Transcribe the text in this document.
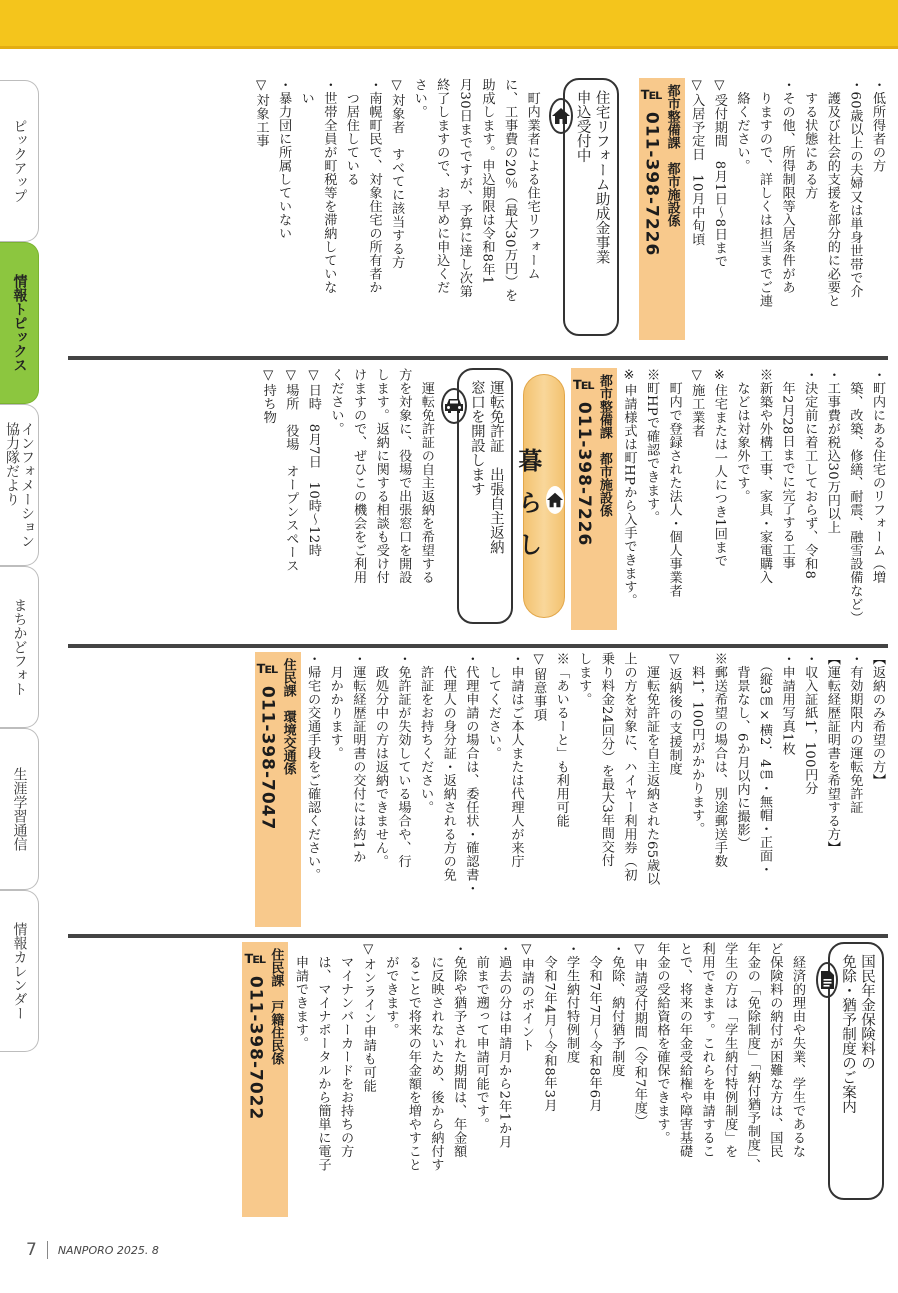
ピックアップ
情報トピックス
インフォメーション
協力隊だより
まちかどフォト
生涯学習通信
情報カレンダー
・低所得者の方
・60歳以上の夫婦又は単身世帯で介
　護及び社会的支援を部分的に必要と
　する状態にある方
・その他、所得制限等入居条件があ
　りますので、詳しくは担当までご連
　絡ください。
▽受付期間　8月1日～8日まで
▽入居予定日　10月中旬頃
都市整備課　都市施設係
℡ 011-398-7226
住宅リフォーム助成金事業
申込受付中
　町内業者による住宅リフォーム
に、工事費の20％（最大30万円）を
助成します。申込期限は令和8年1
月30日までですが、予算に達し次第
終了しますので、お早めに申込くだ
さい。
▽対象者　すべてに該当する方
・南幌町民で、対象住宅の所有者か
　つ居住している
・世帯全員が町税等を滞納していな
　い
・暴力団に所属していない
▽対象工事
・町内にある住宅のリフォーム（増
　築、改築、修繕、耐震、融雪設備など）
・工事費が税込30万円以上
・決定前に着工しておらず、令和8
　年2月28日までに完了する工事
※新築や外構工事、家具・家電購入
　などは対象外です。
※住宅または一人につき1回まで
▽施工業者
　町内で登録された法人・個人事業者
※町HPで確認できます。
※申請様式は町HPから入手できます。
都市整備課　都市施設係
℡ 011-398-7226
暮らし
運転免許証　出張自主返納
窓口を開設します
　運転免許証の自主返納を希望する
方を対象に、役場で出張窓口を開設
します。返納に関する相談も受け付
けますので、ぜひこの機会をご利用
ください。
▽日時　8月7日　10時～12時
▽場所　役場　オープンスペース
▽持ち物
【返納のみ希望の方】
・有効期限内の運転免許証
【運転経歴証明書を希望する方】
・収入証紙1，100円分
・申請用写真1枚
　（縦3㎝×横2．4㎝・無帽・正面・
　背景なし、6か月以内に撮影）
※郵送希望の場合は、別途郵送手数
　料1，100円がかかります。
▽返納後の支援制度
　運転免許証を自主返納された65歳以
上の方を対象に、ハイヤー利用券（初
乗り料金24回分）を最大3年間交付
します。
※「あいるーと」も利用可能
▽留意事項
・申請はご本人または代理人が来庁
　してください。
・代理申請の場合は、委任状・確認書・
　代理人の身分証・返納される方の免
　許証をお持ちください。
・免許証が失効している場合や、行
　政処分中の方は返納できません。
・運転経歴証明書の交付には約1か
　月かかります。
・帰宅の交通手段をご確認ください。
住民課　環境交通係
℡ 011-398-7047
国民年金保険料の
免除・猶予制度のご案内
　経済的理由や失業、学生であるな
ど保険料の納付が困難な方は、国民
年金の「免除制度」「納付猶予制度」、
学生の方は「学生納付特例制度」を
利用できます。これらを申請するこ
とで、将来の年金受給権や障害基礎
年金の受給資格を確保できます。
▽申請受付期間（令和7年度）
・免除、納付猶予制度
　令和7年7月～令和8年6月
・学生納付特例制度
　令和7年4月～令和8年3月
▽申請のポイント
・過去の分は申請月から2年1か月
　前まで遡って申請可能です。
・免除や猶予された期間は、年金額
　に反映されないため、後から納付す
　ることで将来の年金額を増やすこと
　ができます。
▽オンライン申請も可能
　マイナンバーカードをお持ちの方
　は、マイナポータルから簡単に電子
　申請できます。
住民課　戸籍住民係
℡ 011-398-7022
7 NANPORO 2025. 8
